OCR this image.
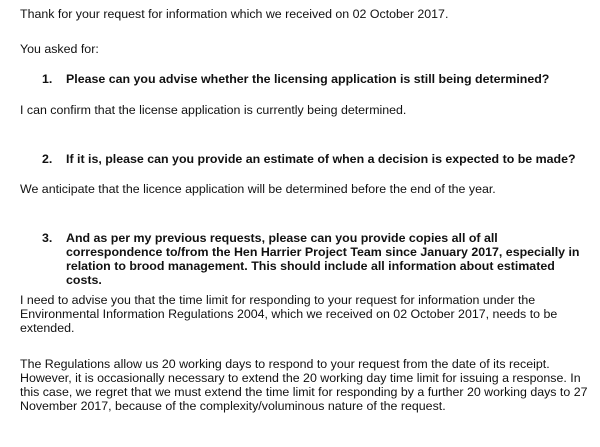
Thank for your request for information which we received on 02 October 2017.

You asked for:

1. Please can you advise whether the licensing application is still being determined?

I can confirm that the license application is currently being determined.

2. If it is, please can you provide an estimate of when a decision is expected to be made?

We anticipate that the licence application will be determined before the end of the year.

3. And as per my previous requests, please can you provide copies all of all correspondence to/from the Hen Harrier Project Team since January 2017, especially in relation to brood management. This should include all information about estimated costs.

I need to advise you that the time limit for responding to your request for information under the Environmental Information Regulations 2004, which we received on 02 October 2017, needs to be extended.

The Regulations allow us 20 working days to respond to your request from the date of its receipt. However, it is occasionally necessary to extend the 20 working day time limit for issuing a response. In this case, we regret that we must extend the time limit for responding by a further 20 working days to 27 November 2017, because of the complexity/voluminous nature of the request.
